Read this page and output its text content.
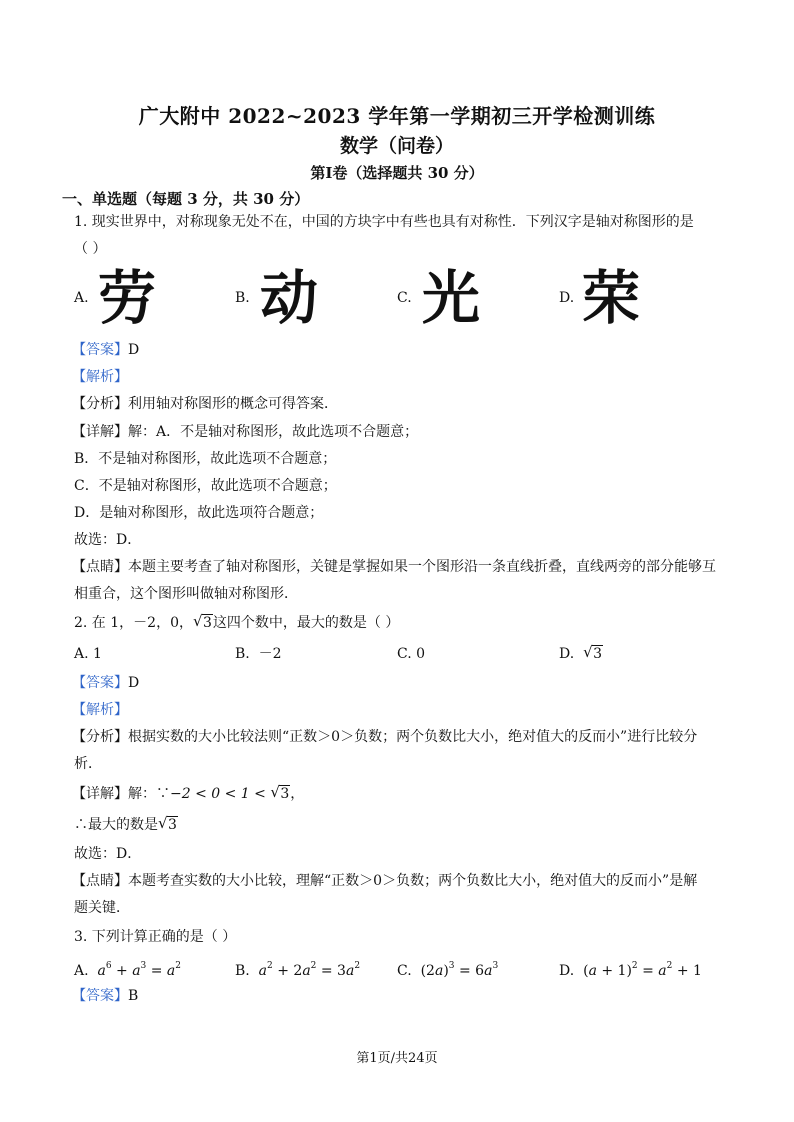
广大附中 2022~2023 学年第一学期初三开学检测训练
数学（问卷）
第Ⅰ卷（选择题共 30 分）
一、单选题（每题 3 分，共 30 分）
1. 现实世界中，对称现象无处不在，中国的方块字中有些也具有对称性．下列汉字是轴对称图形的是
（ ）
A. 劳	B. 动	C. 光	D. 荣
【答案】D
【解析】
【分析】利用轴对称图形的概念可得答案．
【详解】解：A．不是轴对称图形，故此选项不合题意；
B．不是轴对称图形，故此选项不合题意；
C．不是轴对称图形，故此选项不合题意；
D．是轴对称图形，故此选项符合题意；
故选：D．
【点睛】本题主要考查了轴对称图形，关键是掌握如果一个图形沿一条直线折叠，直线两旁的部分能够互
相重合，这个图形叫做轴对称图形．
2. 在 1，－2，0， √ 3这四个数中，最大的数是（ ）
A. 1	B. －2	C. 0	D. √ 3
【答案】D
【解析】
【分析】根据实数的大小比较法则“正数＞0＞负数；两个负数比大小，绝对值大的反而小”进行比较分
析．
【详解】解：∵−2 < 0 < 1 < √ 3，
∴最大的数是 √ 3
故选：D．
【点睛】本题考查实数的大小比较，理解“正数＞0＞负数；两个负数比大小，绝对值大的反而小”是解
题关键．
3. 下列计算正确的是（ ）
A. $a^6 + a^3 = a^2$	B. $a^2 + 2a^2 = 3a^2$	C. $(2a)^3 = 6a^3$	D. $(a + 1)^2 = a^2 + 1$
【答案】B
第1页/共24页
